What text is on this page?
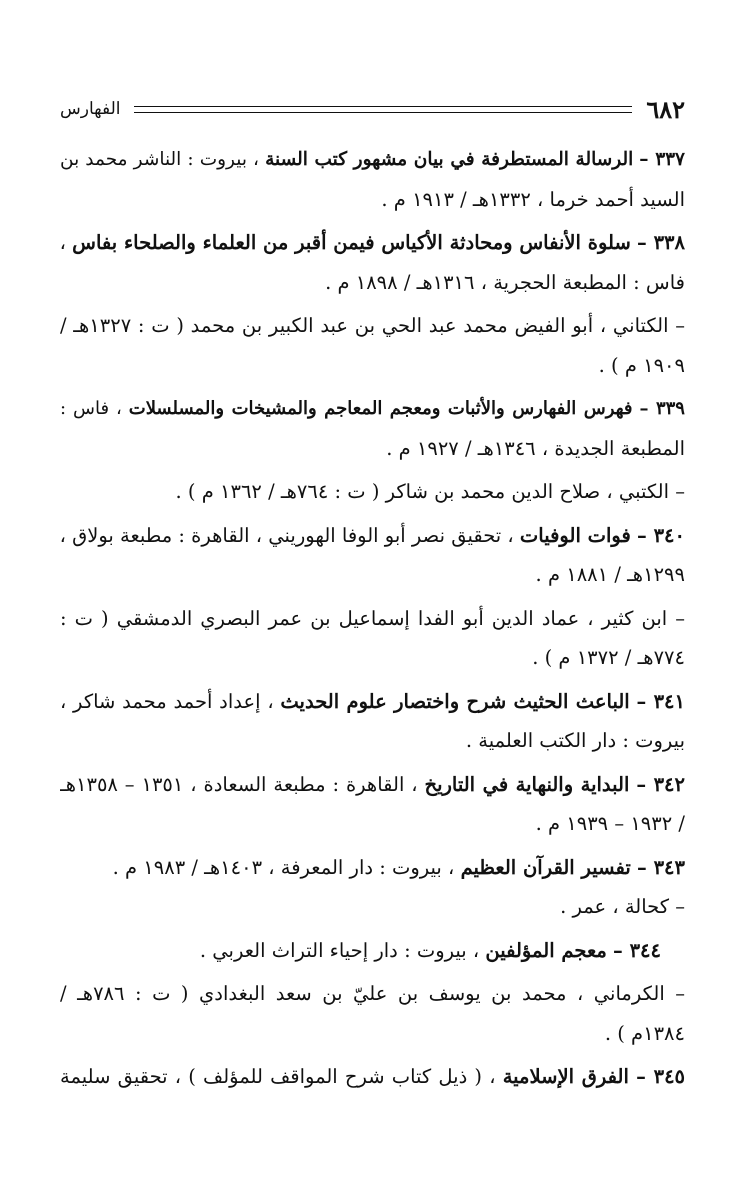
٦٨٢
الفهارس
٣٣٧ – الرسالة المستطرفة في بيان مشهور كتب السنة ، بيروت : الناشر محمد بن
السيد أحمد خرما ، ١٣٣٢هـ / ١٩١٣ م .
٣٣٨ – سلوة الأنفاس ومحادثة الأكياس فيمن أقبر من العلماء والصلحاء بفاس ،
فاس : المطبعة الحجرية ، ١٣١٦هـ / ١٨٩٨ م .
– الكتاني ، أبو الفيض محمد عبد الحي بن عبد الكبير بن محمد ( ت : ١٣٢٧هـ /
١٩٠٩ م ) .
٣٣٩ – فهرس الفهارس والأثبات ومعجم المعاجم والمشيخات والمسلسلات ، فاس :
المطبعة الجديدة ، ١٣٤٦هـ / ١٩٢٧ م .
– الكتبي ، صلاح الدين محمد بن شاكر ( ت : ٧٦٤هـ / ١٣٦٢ م ) .
٣٤٠ – فوات الوفيات ، تحقيق نصر أبو الوفا الهوريني ، القاهرة : مطبعة بولاق ،
١٢٩٩هـ / ١٨٨١ م .
– ابن كثير ، عماد الدين أبو الفدا إسماعيل بن عمر البصري الدمشقي ( ت :
٧٧٤هـ / ١٣٧٢ م ) .
٣٤١ – الباعث الحثيث شرح واختصار علوم الحديث ، إعداد أحمد محمد شاكر ،
بيروت : دار الكتب العلمية .
٣٤٢ – البداية والنهاية في التاريخ ، القاهرة : مطبعة السعادة ، ١٣٥١ – ١٣٥٨هـ
/ ١٩٣٢ – ١٩٣٩ م .
٣٤٣ – تفسير القرآن العظيم ، بيروت : دار المعرفة ، ١٤٠٣هـ / ١٩٨٣ م .
– كحالة ، عمر .
٣٤٤ – معجم المؤلفين ، بيروت : دار إحياء التراث العربي .
– الكرماني ، محمد بن يوسف بن عليّ بن سعد البغدادي ( ت : ٧٨٦هـ /
١٣٨٤م ) .
٣٤٥ – الفرق الإسلامية ، ( ذيل كتاب شرح المواقف للمؤلف ) ، تحقيق سليمة
